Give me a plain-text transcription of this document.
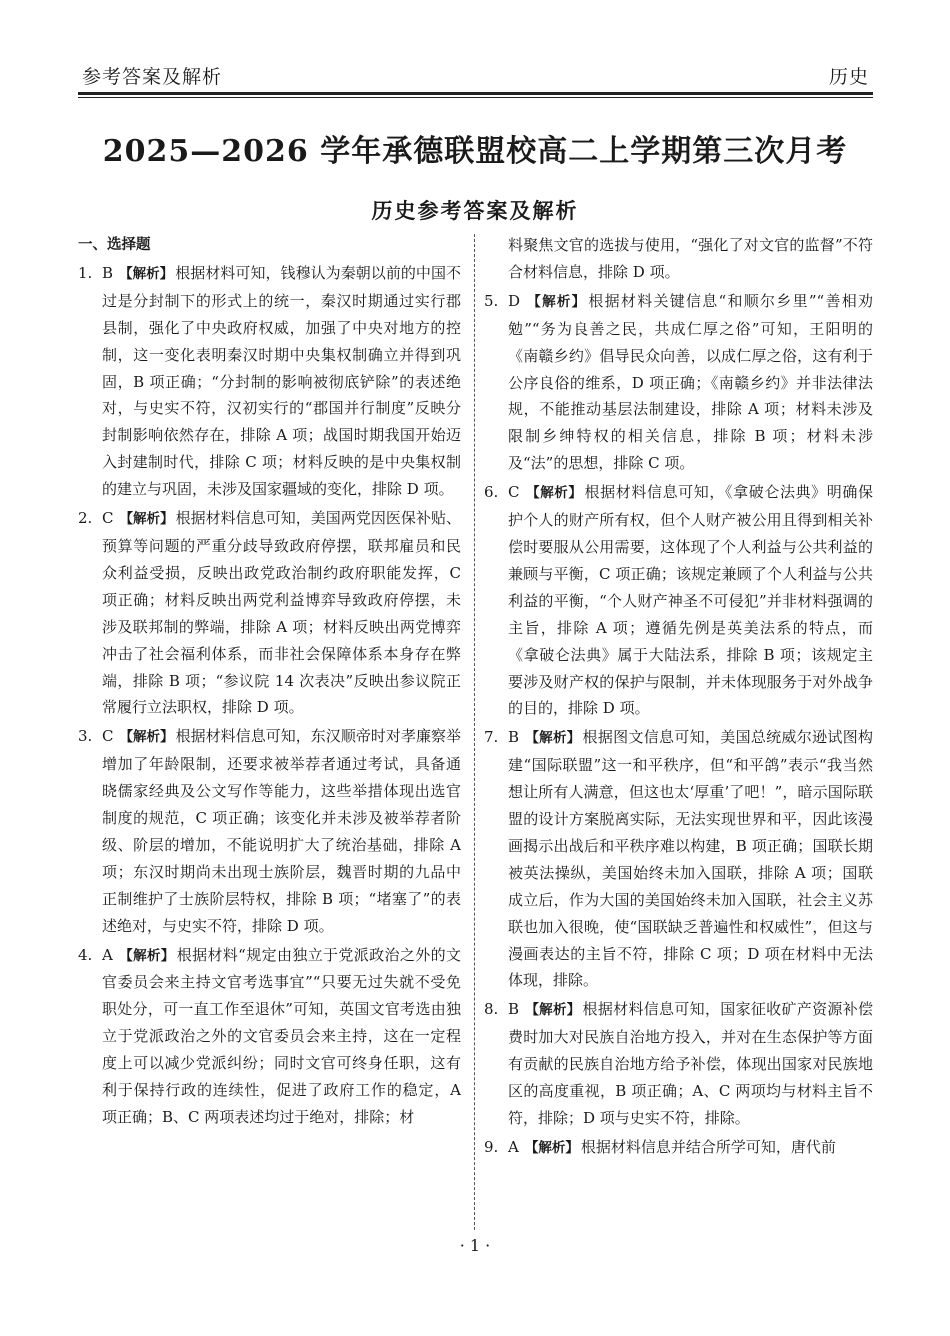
参考答案及解析	历史
2025—2026 学年承德联盟校高二上学期第三次月考
历史参考答案及解析
一、选择题

1. B 【解析】 根据材料可知，钱穆认为秦朝以前的中国不过是分封制下的形式上的统一，秦汉时期通过实行郡县制，强化了中央政府权威，加强了中央对地方的控制，这一变化表明秦汉时期中央集权制确立并得到巩固，B 项正确；“分封制的影响被彻底铲除”的表述绝对，与史实不符，汉初实行的“郡国并行制度”反映分封制影响依然存在，排除 A 项；战国时期我国开始迈入封建制时代，排除 C 项；材料反映的是中央集权制的建立与巩固，未涉及国家疆域的变化，排除 D 项。

2. C 【解析】 根据材料信息可知，美国两党因医保补贴、预算等问题的严重分歧导致政府停摆，联邦雇员和民众利益受损，反映出政党政治制约政府职能发挥，C 项正确；材料反映出两党利益博弈导致政府停摆，未涉及联邦制的弊端，排除 A 项；材料反映出两党博弈冲击了社会福利体系，而非社会保障体系本身存在弊端，排除 B 项；“参议院 14 次表决”反映出参议院正常履行立法职权，排除 D 项。

3. C 【解析】 根据材料信息可知，东汉顺帝时对孝廉察举增加了年龄限制，还要求被举荐者通过考试，具备通晓儒家经典及公文写作等能力，这些举措体现出选官制度的规范，C 项正确；该变化并未涉及被举荐者阶级、阶层的增加，不能说明扩大了统治基础，排除 A 项；东汉时期尚未出现士族阶层，魏晋时期的九品中正制维护了士族阶层特权，排除 B 项；“堵塞了”的表述绝对，与史实不符，排除 D 项。

4. A 【解析】 根据材料“规定由独立于党派政治之外的文官委员会来主持文官考选事宜”“只要无过失就不受免职处分，可一直工作至退休”可知，英国文官考选由独立于党派政治之外的文官委员会来主持，这在一定程度上可以减少党派纠纷；同时文官可终身任职，这有利于保持行政的连续性，促进了政府工作的稳定，A 项正确；B、C 两项表述均过于绝对，排除；材

料聚焦文官的选拔与使用，“强化了对文官的监督”不符合材料信息，排除 D 项。

5. D 【解析】 根据材料关键信息“和顺尔乡里”“善相劝勉”“务为良善之民，共成仁厚之俗”可知，王阳明的《南赣乡约》倡导民众向善，以成仁厚之俗，这有利于公序良俗的维系，D 项正确；《南赣乡约》并非法律法规，不能推动基层法制建设，排除 A 项；材料未涉及限制乡绅特权的相关信息，排除 B 项；材料未涉及“法”的思想，排除 C 项。

6. C 【解析】 根据材料信息可知，《拿破仑法典》明确保护个人的财产所有权，但个人财产被公用且得到相关补偿时要服从公用需要，这体现了个人利益与公共利益的兼顾与平衡，C 项正确；该规定兼顾了个人利益与公共利益的平衡，“个人财产神圣不可侵犯”并非材料强调的主旨，排除 A 项；遵循先例是英美法系的特点，而《拿破仑法典》属于大陆法系，排除 B 项；该规定主要涉及财产权的保护与限制，并未体现服务于对外战争的目的，排除 D 项。

7. B 【解析】 根据图文信息可知，美国总统威尔逊试图构建“国际联盟”这一和平秩序，但“和平鸽”表示“我当然想让所有人满意，但这也太‘厚重’了吧！”，暗示国际联盟的设计方案脱离实际，无法实现世界和平，因此该漫画揭示出战后和平秩序难以构建，B 项正确；国联长期被英法操纵，美国始终未加入国联，排除 A 项；国联成立后，作为大国的美国始终未加入国联，社会主义苏联也加入很晚，使“国联缺乏普遍性和权威性”，但这与漫画表达的主旨不符，排除 C 项；D 项在材料中无法体现，排除。

8. B 【解析】 根据材料信息可知，国家征收矿产资源补偿费时加大对民族自治地方投入，并对在生态保护等方面有贡献的民族自治地方给予补偿，体现出国家对民族地区的高度重视，B 项正确；A、C 两项均与材料主旨不符，排除；D 项与史实不符，排除。

9. A 【解析】 根据材料信息并结合所学可知，唐代前

· 1 ·
